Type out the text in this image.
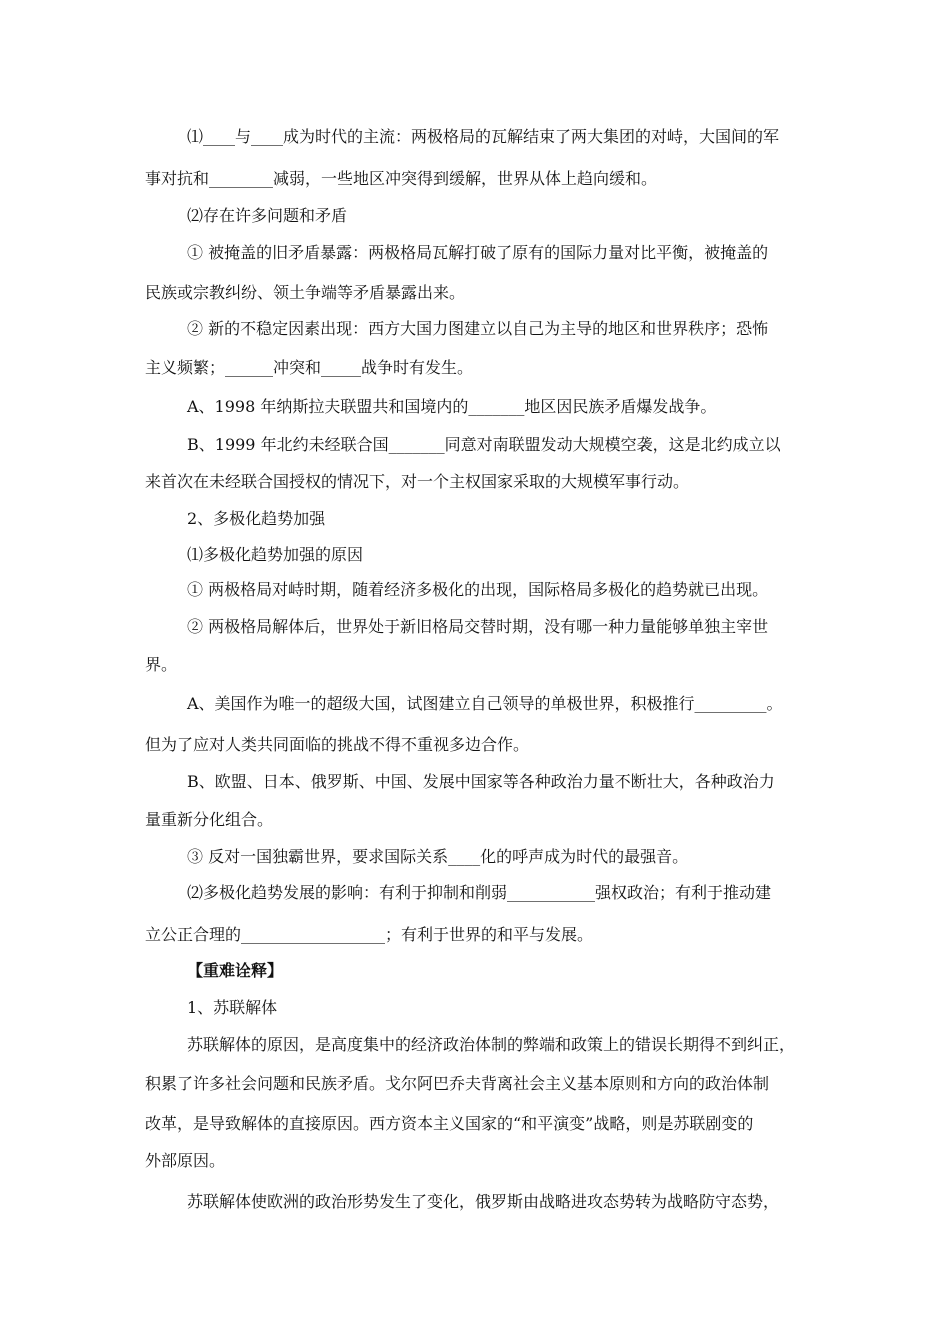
⑴____与____成为时代的主流：两极格局的瓦解结束了两大集团的对峙，大国间的军
事对抗和________减弱，一些地区冲突得到缓解，世界从体上趋向缓和。
⑵存在许多问题和矛盾
① 被掩盖的旧矛盾暴露：两极格局瓦解打破了原有的国际力量对比平衡，被掩盖的
民族或宗教纠纷、领土争端等矛盾暴露出来。
② 新的不稳定因素出现：西方大国力图建立以自己为主导的地区和世界秩序；恐怖
主义频繁；______冲突和_____战争时有发生。
A、1998 年纳斯拉夫联盟共和国境内的_______地区因民族矛盾爆发战争。
B、1999 年北约未经联合国_______同意对南联盟发动大规模空袭，这是北约成立以
来首次在未经联合国授权的情况下，对一个主权国家采取的大规模军事行动。
2、多极化趋势加强
⑴多极化趋势加强的原因
① 两极格局对峙时期，随着经济多极化的出现，国际格局多极化的趋势就已出现。
② 两极格局解体后，世界处于新旧格局交替时期，没有哪一种力量能够单独主宰世
界。
A、美国作为唯一的超级大国，试图建立自己领导的单极世界，积极推行_________。
但为了应对人类共同面临的挑战不得不重视多边合作。
B、欧盟、日本、俄罗斯、中国、发展中国家等各种政治力量不断壮大，各种政治力
量重新分化组合。
③ 反对一国独霸世界，要求国际关系____化的呼声成为时代的最强音。
⑵多极化趋势发展的影响：有利于抑制和削弱___________强权政治；有利于推动建
立公正合理的__________________；有利于世界的和平与发展。
【重难诠释】
1、苏联解体
苏联解体的原因，是高度集中的经济政治体制的弊端和政策上的错误长期得不到纠正，
积累了许多社会问题和民族矛盾。戈尔阿巴乔夫背离社会主义基本原则和方向的政治体制
改革，是导致解体的直接原因。西方资本主义国家的“和平演变”战略，则是苏联剧变的
外部原因。
苏联解体使欧洲的政治形势发生了变化，俄罗斯由战略进攻态势转为战略防守态势，
